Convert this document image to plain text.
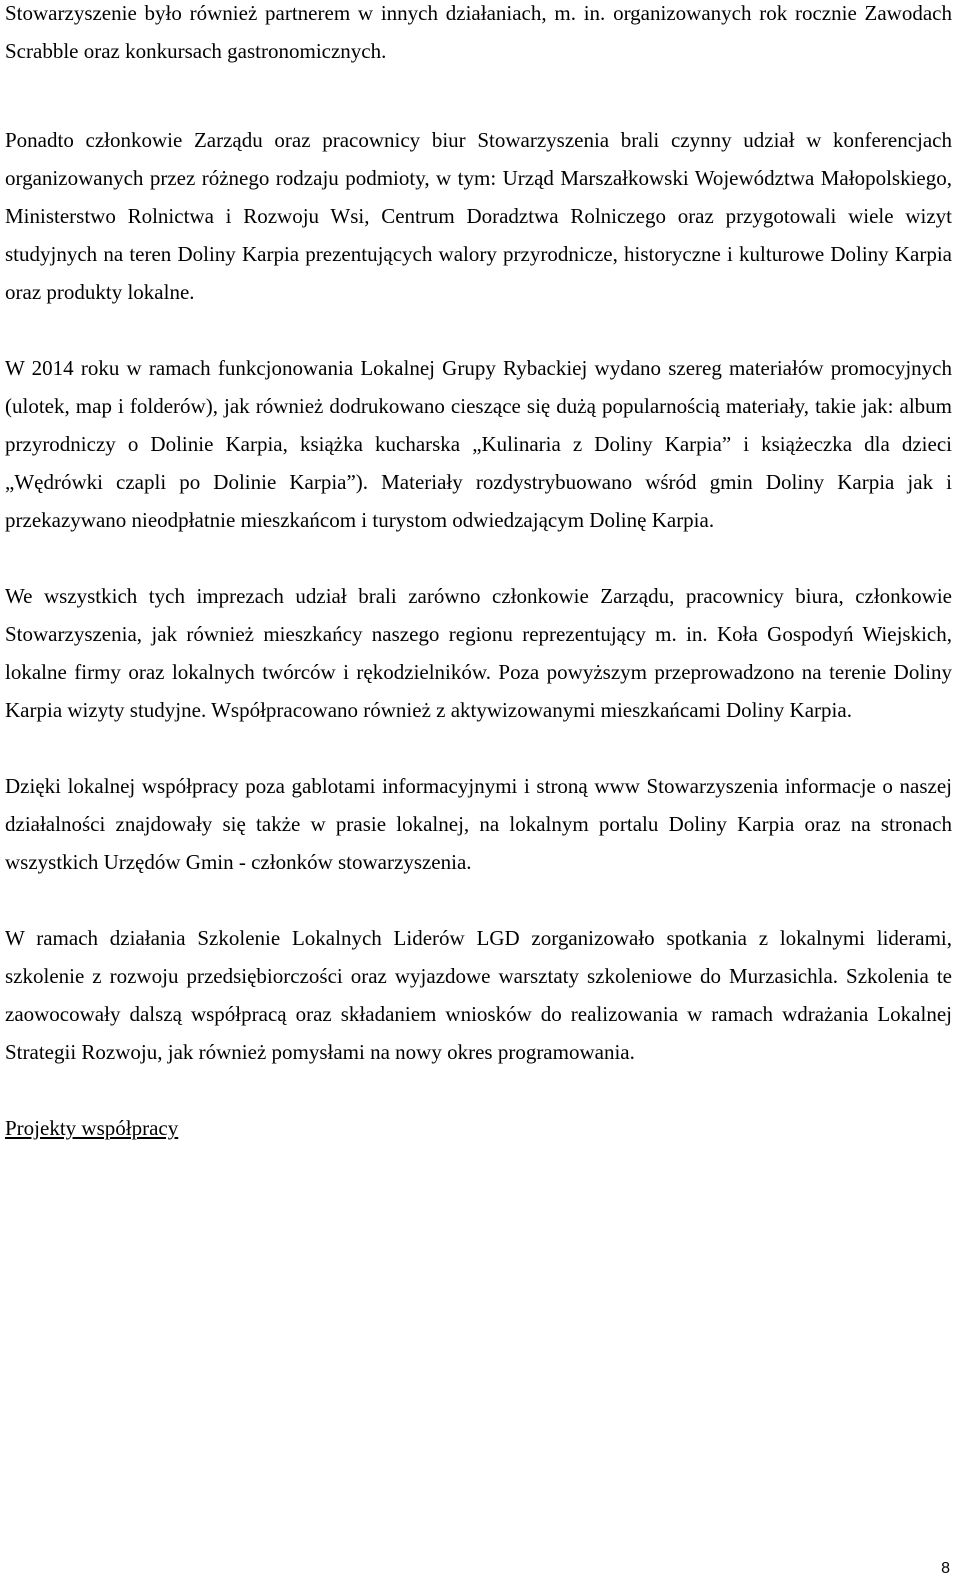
Stowarzyszenie było również partnerem w innych działaniach, m. in. organizowanych rok rocznie Zawodach Scrabble oraz konkursach gastronomicznych.

Ponadto członkowie Zarządu oraz pracownicy biur Stowarzyszenia brali czynny udział w konferencjach organizowanych przez różnego rodzaju podmioty, w tym: Urząd Marszałkowski Województwa Małopolskiego, Ministerstwo Rolnictwa i Rozwoju Wsi, Centrum Doradztwa Rolniczego oraz przygotowali wiele wizyt studyjnych na teren Doliny Karpia prezentujących walory przyrodnicze, historyczne i kulturowe Doliny Karpia oraz produkty lokalne.

W 2014 roku w ramach funkcjonowania Lokalnej Grupy Rybackiej wydano szereg materiałów promocyjnych (ulotek, map i folderów), jak również dodrukowano cieszące się dużą popularnością materiały, takie jak: album przyrodniczy o Dolinie Karpia, książka kucharska „Kulinaria z Doliny Karpia” i książeczka dla dzieci „Wędrówki czapli po Dolinie Karpia”). Materiały rozdystrybuowano wśród gmin Doliny Karpia jak i przekazywano nieodpłatnie mieszkańcom i turystom odwiedzającym Dolinę Karpia.

We wszystkich tych imprezach udział brali zarówno członkowie Zarządu, pracownicy biura, członkowie Stowarzyszenia, jak również mieszkańcy naszego regionu reprezentujący m. in. Koła Gospodyń Wiejskich, lokalne firmy oraz lokalnych twórców i rękodzielników. Poza powyższym przeprowadzono na terenie Doliny Karpia wizyty studyjne. Współpracowano również z aktywizowanymi mieszkańcami Doliny Karpia.

Dzięki lokalnej współpracy poza gablotami informacyjnymi i stroną www Stowarzyszenia informacje o naszej działalności znajdowały się także w prasie lokalnej, na lokalnym portalu Doliny Karpia oraz na stronach wszystkich Urzędów Gmin - członków stowarzyszenia.

W ramach działania Szkolenie Lokalnych Liderów LGD zorganizowało spotkania z lokalnymi liderami, szkolenie z rozwoju przedsiębiorczości oraz wyjazdowe warsztaty szkoleniowe do Murzasichla. Szkolenia te zaowocowały dalszą współpracą oraz składaniem wniosków do realizowania w ramach wdrażania Lokalnej Strategii Rozwoju, jak również pomysłami na nowy okres programowania.

Projekty współpracy
8
